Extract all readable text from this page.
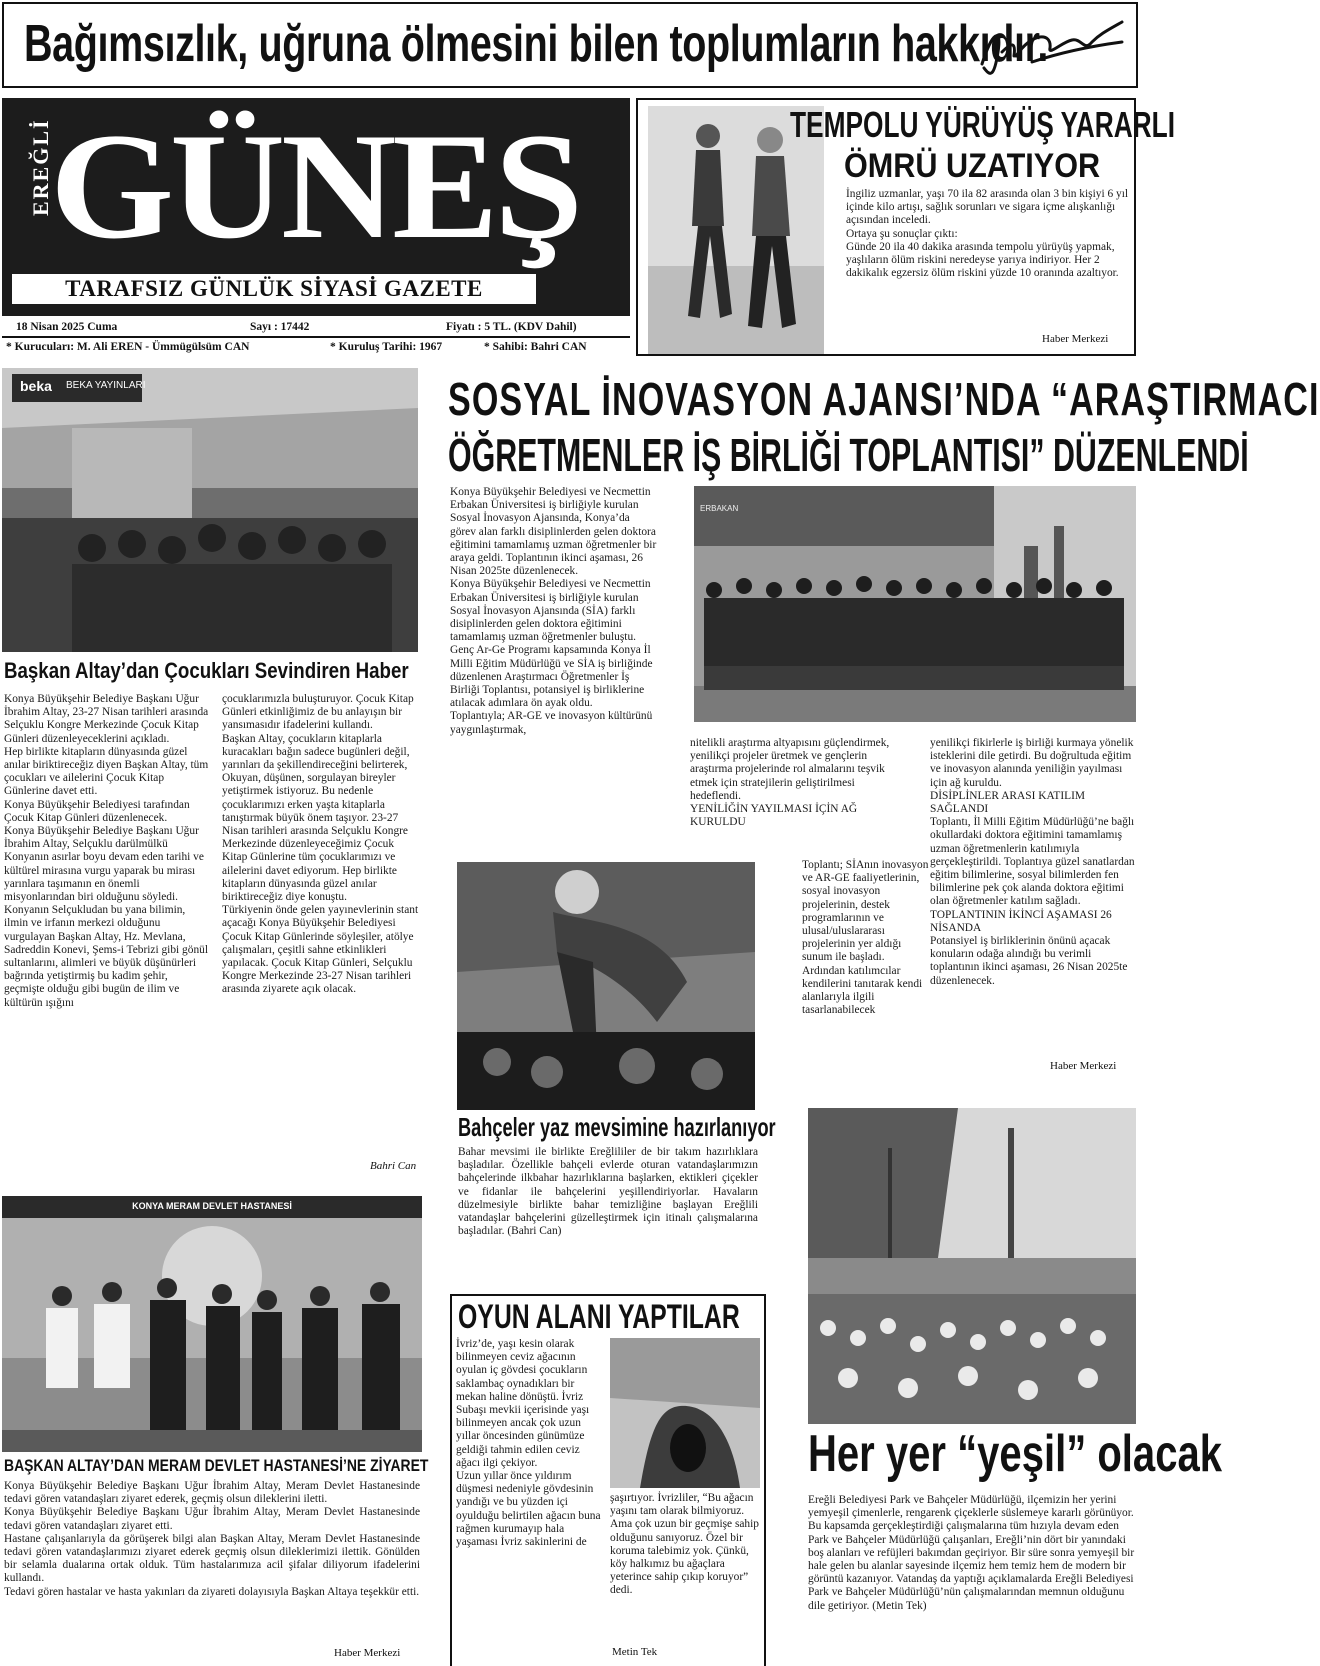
Bağımsızlık, uğruna ölmesini bilen toplumların hakkıdır.
EREĞLİ
GÜNEŞ
TARAFSIZ GÜNLÜK SİYASİ GAZETE
18 Nisan 2025 Cuma	Sayı : 17442	Fiyatı : 5 TL. (KDV Dahil)
* Kurucuları: M. Ali EREN - Ümmügülsüm CAN	* Kuruluş Tarihi: 1967	* Sahibi: Bahri CAN
TEMPOLU YÜRÜYÜŞ YARARLI
ÖMRÜ UZATIYOR
İngiliz uzmanlar, yaşı 70 ila 82 arasında olan 3 bin kişiyi 6 yıl içinde kilo artışı, sağlık sorunları ve sigara içme alışkanlığı açısından inceledi.
Ortaya şu sonuçlar çıktı:
Günde 20 ila 40 dakika arasında tempolu yürüyüş yapmak, yaşlıların ölüm riskini neredeyse yarıya indiriyor. Her 2 dakikalık egzersiz ölüm riskini yüzde 10 oranında azaltıyor.
Haber Merkezi
beka BEKA YAYINLARI
Başkan Altay’dan Çocukları Sevindiren Haber
Konya Büyükşehir Belediye Başkanı Uğur İbrahim Altay, 23-27 Nisan tarihleri arasında Selçuklu Kongre Merkezinde Çocuk Kitap Günleri düzenleyeceklerini açıkladı.
Hep birlikte kitapların dünyasında güzel anılar biriktireceğiz diyen Başkan Altay, tüm çocukları ve ailelerini Çocuk Kitap Günlerine davet etti.
Konya Büyükşehir Belediyesi tarafından Çocuk Kitap Günleri düzenlenecek.
Konya Büyükşehir Belediye Başkanı Uğur İbrahim Altay, Selçuklu darülmülkü Konyanın asırlar boyu devam eden tarihi ve kültürel mirasına vurgu yaparak bu mirası yarınlara taşımanın en önemli misyonlarından biri olduğunu söyledi.
Konyanın Selçukludan bu yana bilimin, ilmin ve irfanın merkezi olduğunu vurgulayan Başkan Altay, Hz. Mevlana, Sadreddin Konevi, Şems-i Tebrizi gibi gönül sultanlarını, alimleri ve büyük düşünürleri bağrında yetiştirmiş bu kadim şehir, geçmişte olduğu gibi bugün de ilim ve kültürün ışığını
çocuklarımızla buluşturuyor. Çocuk Kitap Günleri etkinliğimiz de bu anlayışın bir yansımasıdır ifadelerini kullandı.
Başkan Altay, çocukların kitaplarla kuracakları bağın sadece bugünleri değil, yarınları da şekillendireceğini belirterek, Okuyan, düşünen, sorgulayan bireyler yetiştirmek istiyoruz. Bu nedenle çocuklarımızı erken yaşta kitaplarla tanıştırmak büyük önem taşıyor. 23-27 Nisan tarihleri arasında Selçuklu Kongre Merkezinde düzenleyeceğimiz Çocuk Kitap Günlerine tüm çocuklarımızı ve ailelerini davet ediyorum. Hep birlikte kitapların dünyasında güzel anılar biriktireceğiz diye konuştu.
Türkiyenin önde gelen yayınevlerinin stant açacağı Konya Büyükşehir Belediyesi Çocuk Kitap Günlerinde söyleşiler, atölye çalışmaları, çeşitli sahne etkinlikleri yapılacak. Çocuk Kitap Günleri, Selçuklu Kongre Merkezinde 23-27 Nisan tarihleri arasında ziyarete açık olacak.
Bahri Can
SOSYAL İNOVASYON AJANSI’NDA “ARAŞTIRMACI
ÖĞRETMENLER İŞ BİRLİĞİ TOPLANTISI” DÜZENLENDİ
Konya Büyükşehir Belediyesi ve Necmettin Erbakan Üniversitesi iş birliğiyle kurulan Sosyal İnovasyon Ajansında, Konya’da görev alan farklı disiplinlerden gelen doktora eğitimini tamamlamış uzman öğretmenler bir araya geldi. Toplantının ikinci aşaması, 26 Nisan 2025te düzenlenecek.
Konya Büyükşehir Belediyesi ve Necmettin Erbakan Üniversitesi iş birliğiyle kurulan Sosyal İnovasyon Ajansında (SİA) farklı disiplinlerden gelen doktora eğitimini tamamlamış uzman öğretmenler buluştu.
Genç Ar-Ge Programı kapsamında Konya İl Milli Eğitim Müdürlüğü ve SİA iş birliğinde düzenlenen Araştırmacı Öğretmenler İş Birliği Toplantısı, potansiyel iş birliklerine atılacak adımlara ön ayak oldu.
Toplantıyla; AR-GE ve inovasyon kültürünü yaygınlaştırmak,
ERBAKAN
nitelikli araştırma altyapısını güçlendirmek, yenilikçi projeler üretmek ve gençlerin araştırma projelerinde rol almalarını teşvik etmek için stratejilerin geliştirilmesi hedeflendi.
YENİLİĞİN YAYILMASI İÇİN AĞ KURULDU
Toplantı; SİAnın inovasyon ve AR-GE faaliyetlerinin, sosyal inovasyon projelerinin, destek programlarının ve ulusal/uluslararası projelerinin yer aldığı sunum ile başladı.
Ardından katılımcılar kendilerini tanıtarak kendi alanlarıyla ilgili tasarlanabilecek
yenilikçi fikirlerle iş birliği kurmaya yönelik isteklerini dile getirdi. Bu doğrultuda eğitim ve inovasyon alanında yeniliğin yayılması için ağ kuruldu.
DİSİPLİNLER ARASI KATILIM SAĞLANDI
Toplantı, İl Milli Eğitim Müdürlüğü’ne bağlı okullardaki doktora eğitimini tamamlamış uzman öğretmenlerin katılımıyla gerçekleştirildi. Toplantıya güzel sanatlardan eğitim bilimlerine, sosyal bilimlerden fen bilimlerine pek çok alanda doktora eğitimi olan öğretmenler katılım sağladı.
TOPLANTININ İKİNCİ AŞAMASI 26 NİSANDA
Potansiyel iş birliklerinin önünü açacak konuların odağa alındığı bu verimli toplantının ikinci aşaması, 26 Nisan 2025te düzenlenecek.
Haber Merkezi
Bahçeler yaz mevsimine hazırlanıyor
Bahar mevsimi ile birlikte Ereğlililer de bir takım hazırlıklara başladılar. Özellikle bahçeli evlerde oturan vatandaşlarımızın bahçelerinde ilkbahar hazırlıklarına başlarken, ektikleri çiçekler ve fidanlar ile bahçelerini yeşillendiriyorlar. Havaların düzelmesiyle birlikte bahar temizliğine başlayan Ereğlili vatandaşlar bahçelerini güzelleştirmek için itinalı çalışmalarına başladılar. (Bahri Can)
KONYA MERAM DEVLET HASTANESİ
BAŞKAN ALTAY’DAN MERAM DEVLET HASTANESİ’NE ZİYARET
Konya Büyükşehir Belediye Başkanı Uğur İbrahim Altay, Meram Devlet Hastanesinde tedavi gören vatandaşları ziyaret ederek, geçmiş olsun dileklerini iletti.
Konya Büyükşehir Belediye Başkanı Uğur İbrahim Altay, Meram Devlet Hastanesinde tedavi gören vatandaşları ziyaret etti.
Hastane çalışanlarıyla da görüşerek bilgi alan Başkan Altay, Meram Devlet Hastanesinde tedavi gören vatandaşlarımızı ziyaret ederek geçmiş olsun dileklerimizi ilettik. Gönülden bir selamla dualarına ortak olduk. Tüm hastalarımıza acil şifalar diliyorum ifadelerini kullandı.
Tedavi gören hastalar ve hasta yakınları da ziyareti dolayısıyla Başkan Altaya teşekkür etti.
Haber Merkezi
OYUN ALANI YAPTILAR
İvriz’de, yaşı kesin olarak bilinmeyen ceviz ağacının oyulan iç gövdesi çocukların saklambaç oynadıkları bir mekan haline dönüştü. İvriz Subaşı mevkii içerisinde yaşı bilinmeyen ancak çok uzun yıllar öncesinden günümüze geldiği tahmin edilen ceviz ağacı ilgi çekiyor.
Uzun yıllar önce yıldırım düşmesi nedeniyle gövdesinin yandığı ve bu yüzden içi oyulduğu belirtilen ağacın buna rağmen kurumayıp hala yaşaması İvriz sakinlerini de
şaşırtıyor. İvrizliler, “Bu ağacın yaşını tam olarak bilmiyoruz. Ama çok uzun bir geçmişe sahip olduğunu sanıyoruz. Özel bir koruma talebimiz yok. Çünkü, köy halkımız bu ağaçlara yeterince sahip çıkıp koruyor” dedi.
Metin Tek
Her yer “yeşil” olacak
Ereğli Belediyesi Park ve Bahçeler Müdürlüğü, ilçemizin her yerini yemyeşil çimenlerle, rengarenk çiçeklerle süslemeye kararlı görünüyor.
Bu kapsamda gerçekleştirdiği çalışmalarına tüm hızıyla devam eden Park ve Bahçeler Müdürlüğü çalışanları, Ereğli’nin dört bir yanındaki boş alanları ve refüjleri bakımdan geçiriyor. Bir süre sonra yemyeşil bir hale gelen bu alanlar sayesinde ilçemiz hem temiz hem de modern bir görüntü kazanıyor. Vatandaş da yaptığı açıklamalarda Ereğli Belediyesi Park ve Bahçeler Müdürlüğü’nün çalışmalarından memnun olduğunu dile getiriyor. (Metin Tek)
